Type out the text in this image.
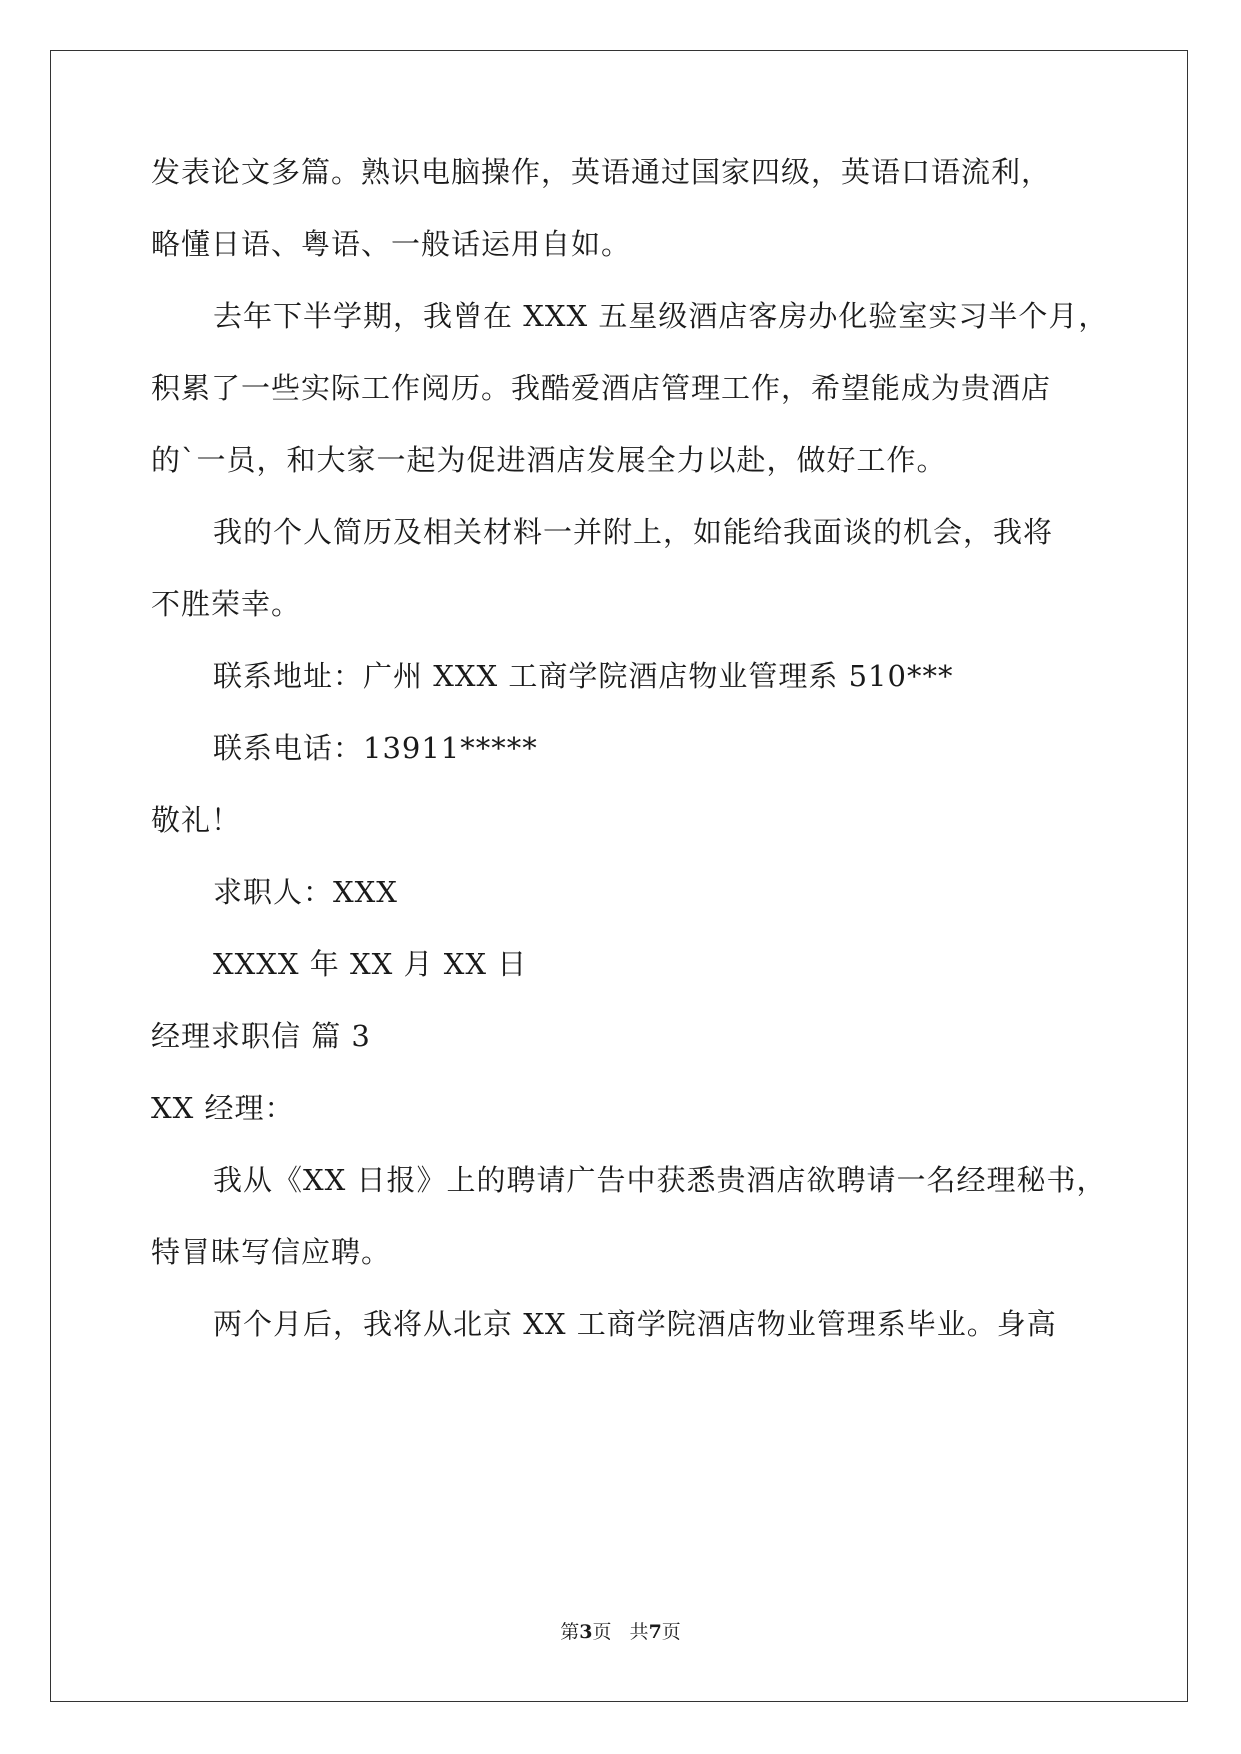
发表论文多篇。熟识电脑操作，英语通过国家四级，英语口语流利，
略懂日语、粤语、一般话运用自如。
去年下半学期，我曾在 XXX 五星级酒店客房办化验室实习半个月，
积累了一些实际工作阅历。我酷爱酒店管理工作，希望能成为贵酒店
的`一员，和大家一起为促进酒店发展全力以赴，做好工作。
我的个人简历及相关材料一并附上，如能给我面谈的机会，我将
不胜荣幸。
联系地址：广州 XXX 工商学院酒店物业管理系 510***
联系电话：13911*****
敬礼！
求职人：XXX
XXXX 年 XX 月 XX 日
经理求职信 篇 3
XX 经理：
我从《XX 日报》上的聘请广告中获悉贵酒店欲聘请一名经理秘书，
特冒昧写信应聘。
两个月后，我将从北京 XX 工商学院酒店物业管理系毕业。身高
第3页   共7页
